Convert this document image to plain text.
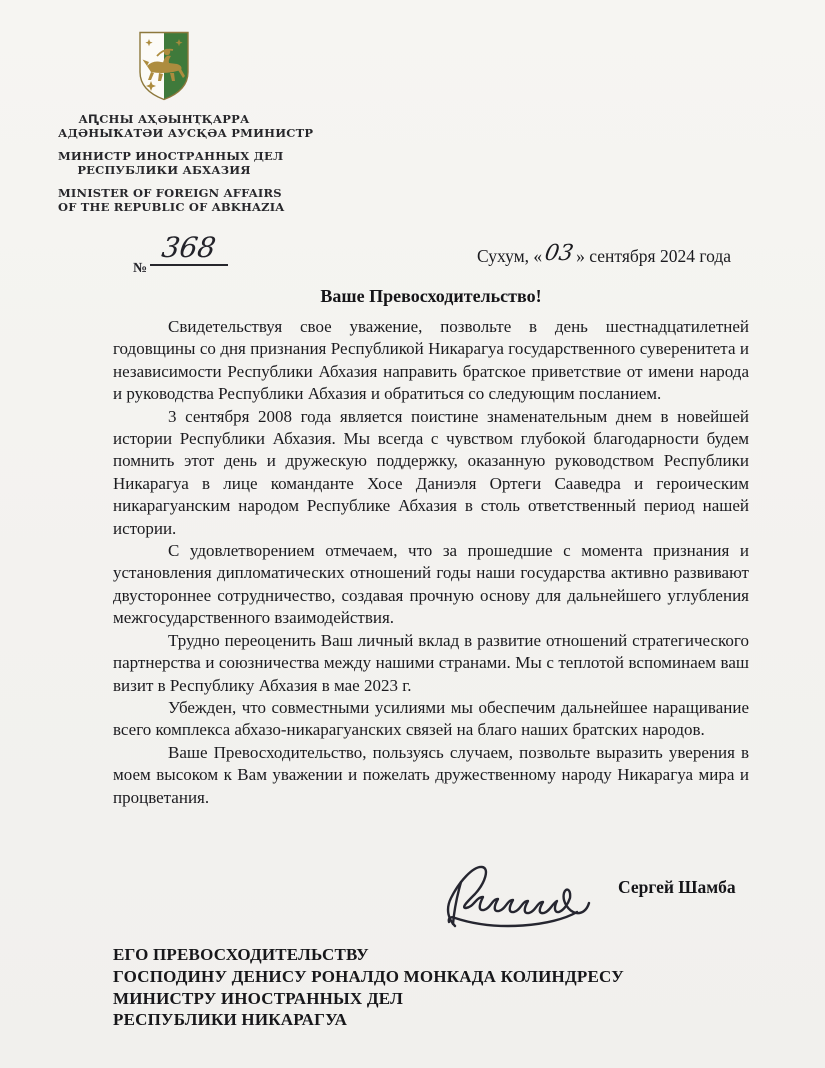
АԤСНЫ АҲӘЫНҬҚАРРА
АДӘНЫҞАТӘИ АУСҚӘА РМИНИСТР
МИНИСТР ИНОСТРАННЫХ ДЕЛ
РЕСПУБЛИКИ АБХАЗИЯ
MINISTER OF FOREIGN AFFAIRS
OF THE REPUBLIC OF ABKHAZIA
№368	Сухум, «03» сентября 2024 года
Ваше Превосходительство!

Свидетельствуя свое уважение, позвольте в день шестнадцатилетней годовщины со дня признания Республикой Никарагуа государственного суверенитета и независимости Республики Абхазия направить братское приветствие от имени народа и руководства Республики Абхазия и обратиться со следующим посланием.

3 сентября 2008 года является поистине знаменательным днем в новейшей истории Республики Абхазия. Мы всегда с чувством глубокой благодарности будем помнить этот день и дружескую поддержку, оказанную руководством Республики Никарагуа в лице команданте Хосе Даниэля Ортеги Сааведра и героическим никарагуанским народом Республике Абхазия в столь ответственный период нашей истории.

С удовлетворением отмечаем, что за прошедшие с момента признания и установления дипломатических отношений годы наши государства активно развивают двустороннее сотрудничество, создавая прочную основу для дальнейшего углубления межгосударственного взаимодействия.

Трудно переоценить Ваш личный вклад в развитие отношений стратегического партнерства и союзничества между нашими странами. Мы с теплотой вспоминаем ваш визит в Республику Абхазия в мае 2023 г.

Убежден, что совместными усилиями мы обеспечим дальнейшее наращивание всего комплекса абхазо-никарагуанских связей на благо наших братских народов.

Ваше Превосходительство, пользуясь случаем, позвольте выразить уверения в моем высоком к Вам уважении и пожелать дружественному народу Никарагуа мира и процветания.

Сергей Шамба
ЕГО ПРЕВОСХОДИТЕЛЬСТВУ
ГОСПОДИНУ ДЕНИСУ РОНАЛДО МОНКАДА КОЛИНДРЕСУ
МИНИСТРУ ИНОСТРАННЫХ ДЕЛ
РЕСПУБЛИКИ НИКАРАГУА
